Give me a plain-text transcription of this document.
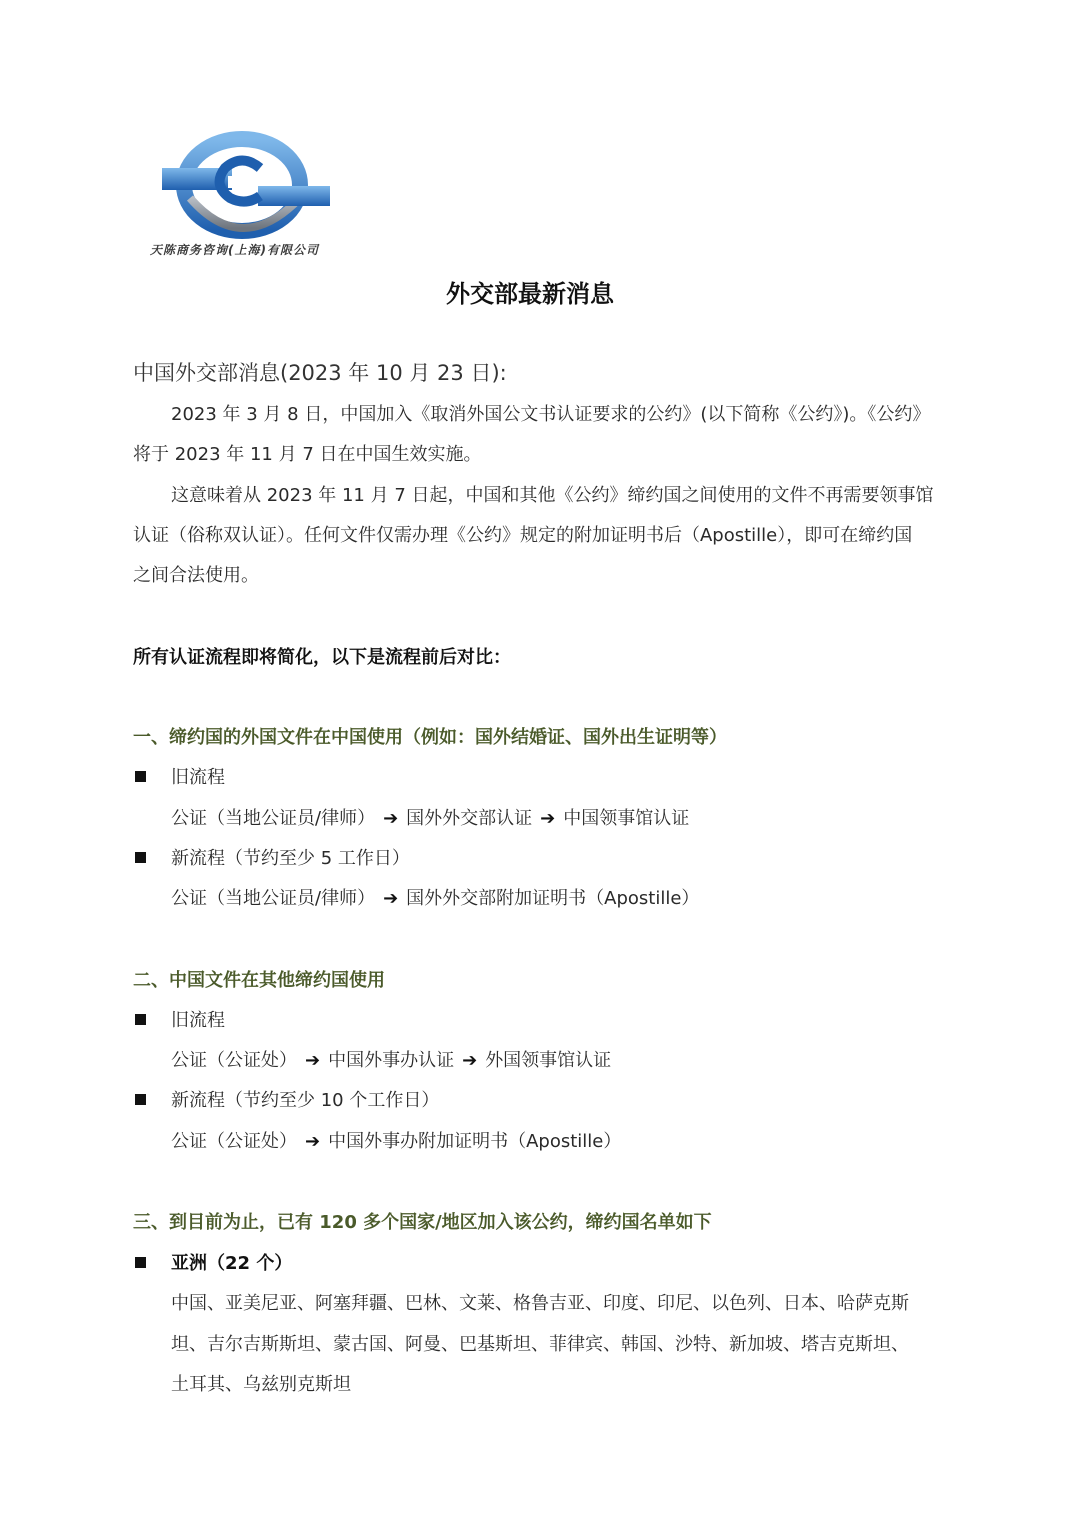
天陈商务咨询(上海)有限公司
外交部最新消息
中国外交部消息(2023 年 10 月 23 日):
2023 年 3 月 8 日，中国加入《取消外国公文书认证要求的公约》(以下简称《公约》)。《公约》
将于 2023 年 11 月 7 日在中国生效实施。
这意味着从 2023 年 11 月 7 日起，中国和其他《公约》缔约国之间使用的文件不再需要领事馆
认证（俗称双认证）。任何文件仅需办理《公约》规定的附加证明书后（Apostille），即可在缔约国
之间合法使用。
所有认证流程即将简化，以下是流程前后对比：
一、缔约国的外国文件在中国使用（例如：国外结婚证、国外出生证明等）
旧流程
公证（当地公证员/律师） ➔ 国外外交部认证 ➔ 中国领事馆认证
新流程（节约至少 5 工作日）
公证（当地公证员/律师） ➔ 国外外交部附加证明书（Apostille）
二、中国文件在其他缔约国使用
旧流程
公证（公证处） ➔ 中国外事办认证 ➔ 外国领事馆认证
新流程（节约至少 10 个工作日）
公证（公证处） ➔ 中国外事办附加证明书（Apostille）
三、到目前为止，已有 120 多个国家/地区加入该公约，缔约国名单如下
亚洲（22 个）
中国、亚美尼亚、阿塞拜疆、巴林、文莱、格鲁吉亚、印度、印尼、以色列、日本、哈萨克斯
坦、吉尔吉斯斯坦、蒙古国、阿曼、巴基斯坦、菲律宾、韩国、沙特、新加坡、塔吉克斯坦、
土耳其、乌兹别克斯坦
